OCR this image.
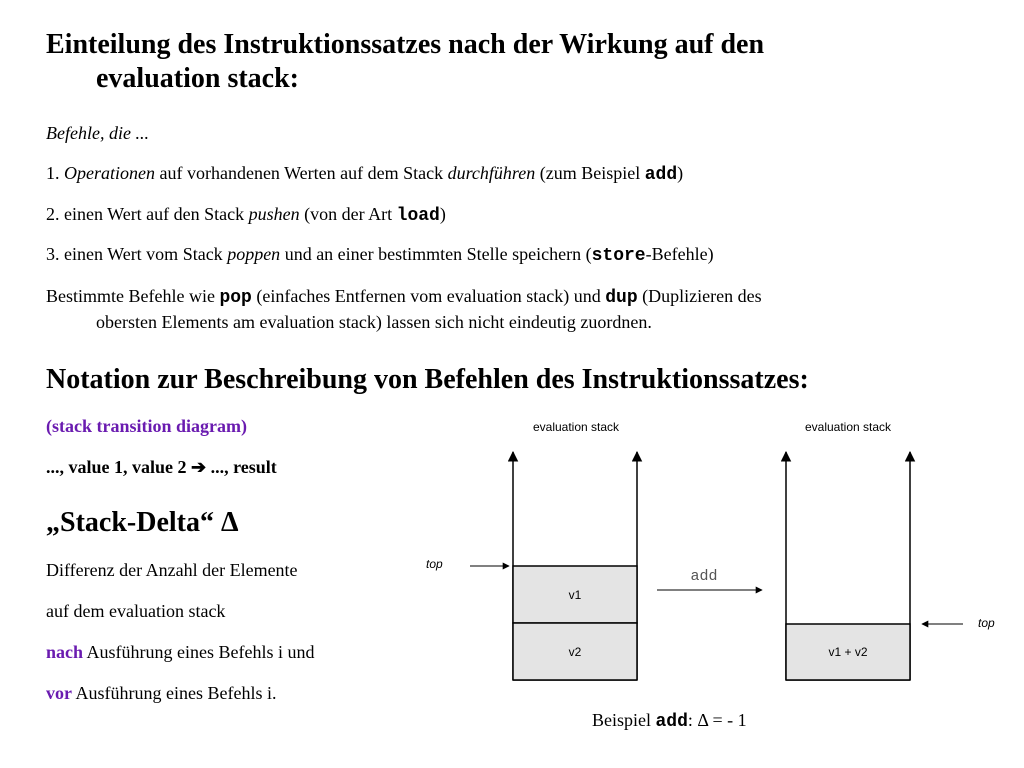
Einteilung des Instruktionssatzes nach der Wirkung auf den
evaluation stack:
Befehle, die ...
1. Operationen auf vorhandenen Werten auf dem Stack durchführen (zum Beispiel add)
2. einen Wert auf den Stack pushen (von der Art load)
3. einen Wert vom Stack poppen und an einer bestimmten Stelle speichern (store-Befehle)
Bestimmte Befehle wie pop (einfaches Entfernen vom evaluation stack) und dup (Duplizieren des
obersten Elements am evaluation stack) lassen sich nicht eindeutig zuordnen.
Notation zur Beschreibung von Befehlen des Instruktionssatzes:
(stack transition diagram)
..., value 1, value 2 ➔ ..., result
„Stack-Delta“ Δ
Differenz der Anzahl der Elemente
auf dem evaluation stack
nach Ausführung eines Befehls i und
vor Ausführung eines Befehls i.
evaluation stack
v1
v2
top
add
evaluation stack
v1 + v2
top
Beispiel add: Δ = - 1
